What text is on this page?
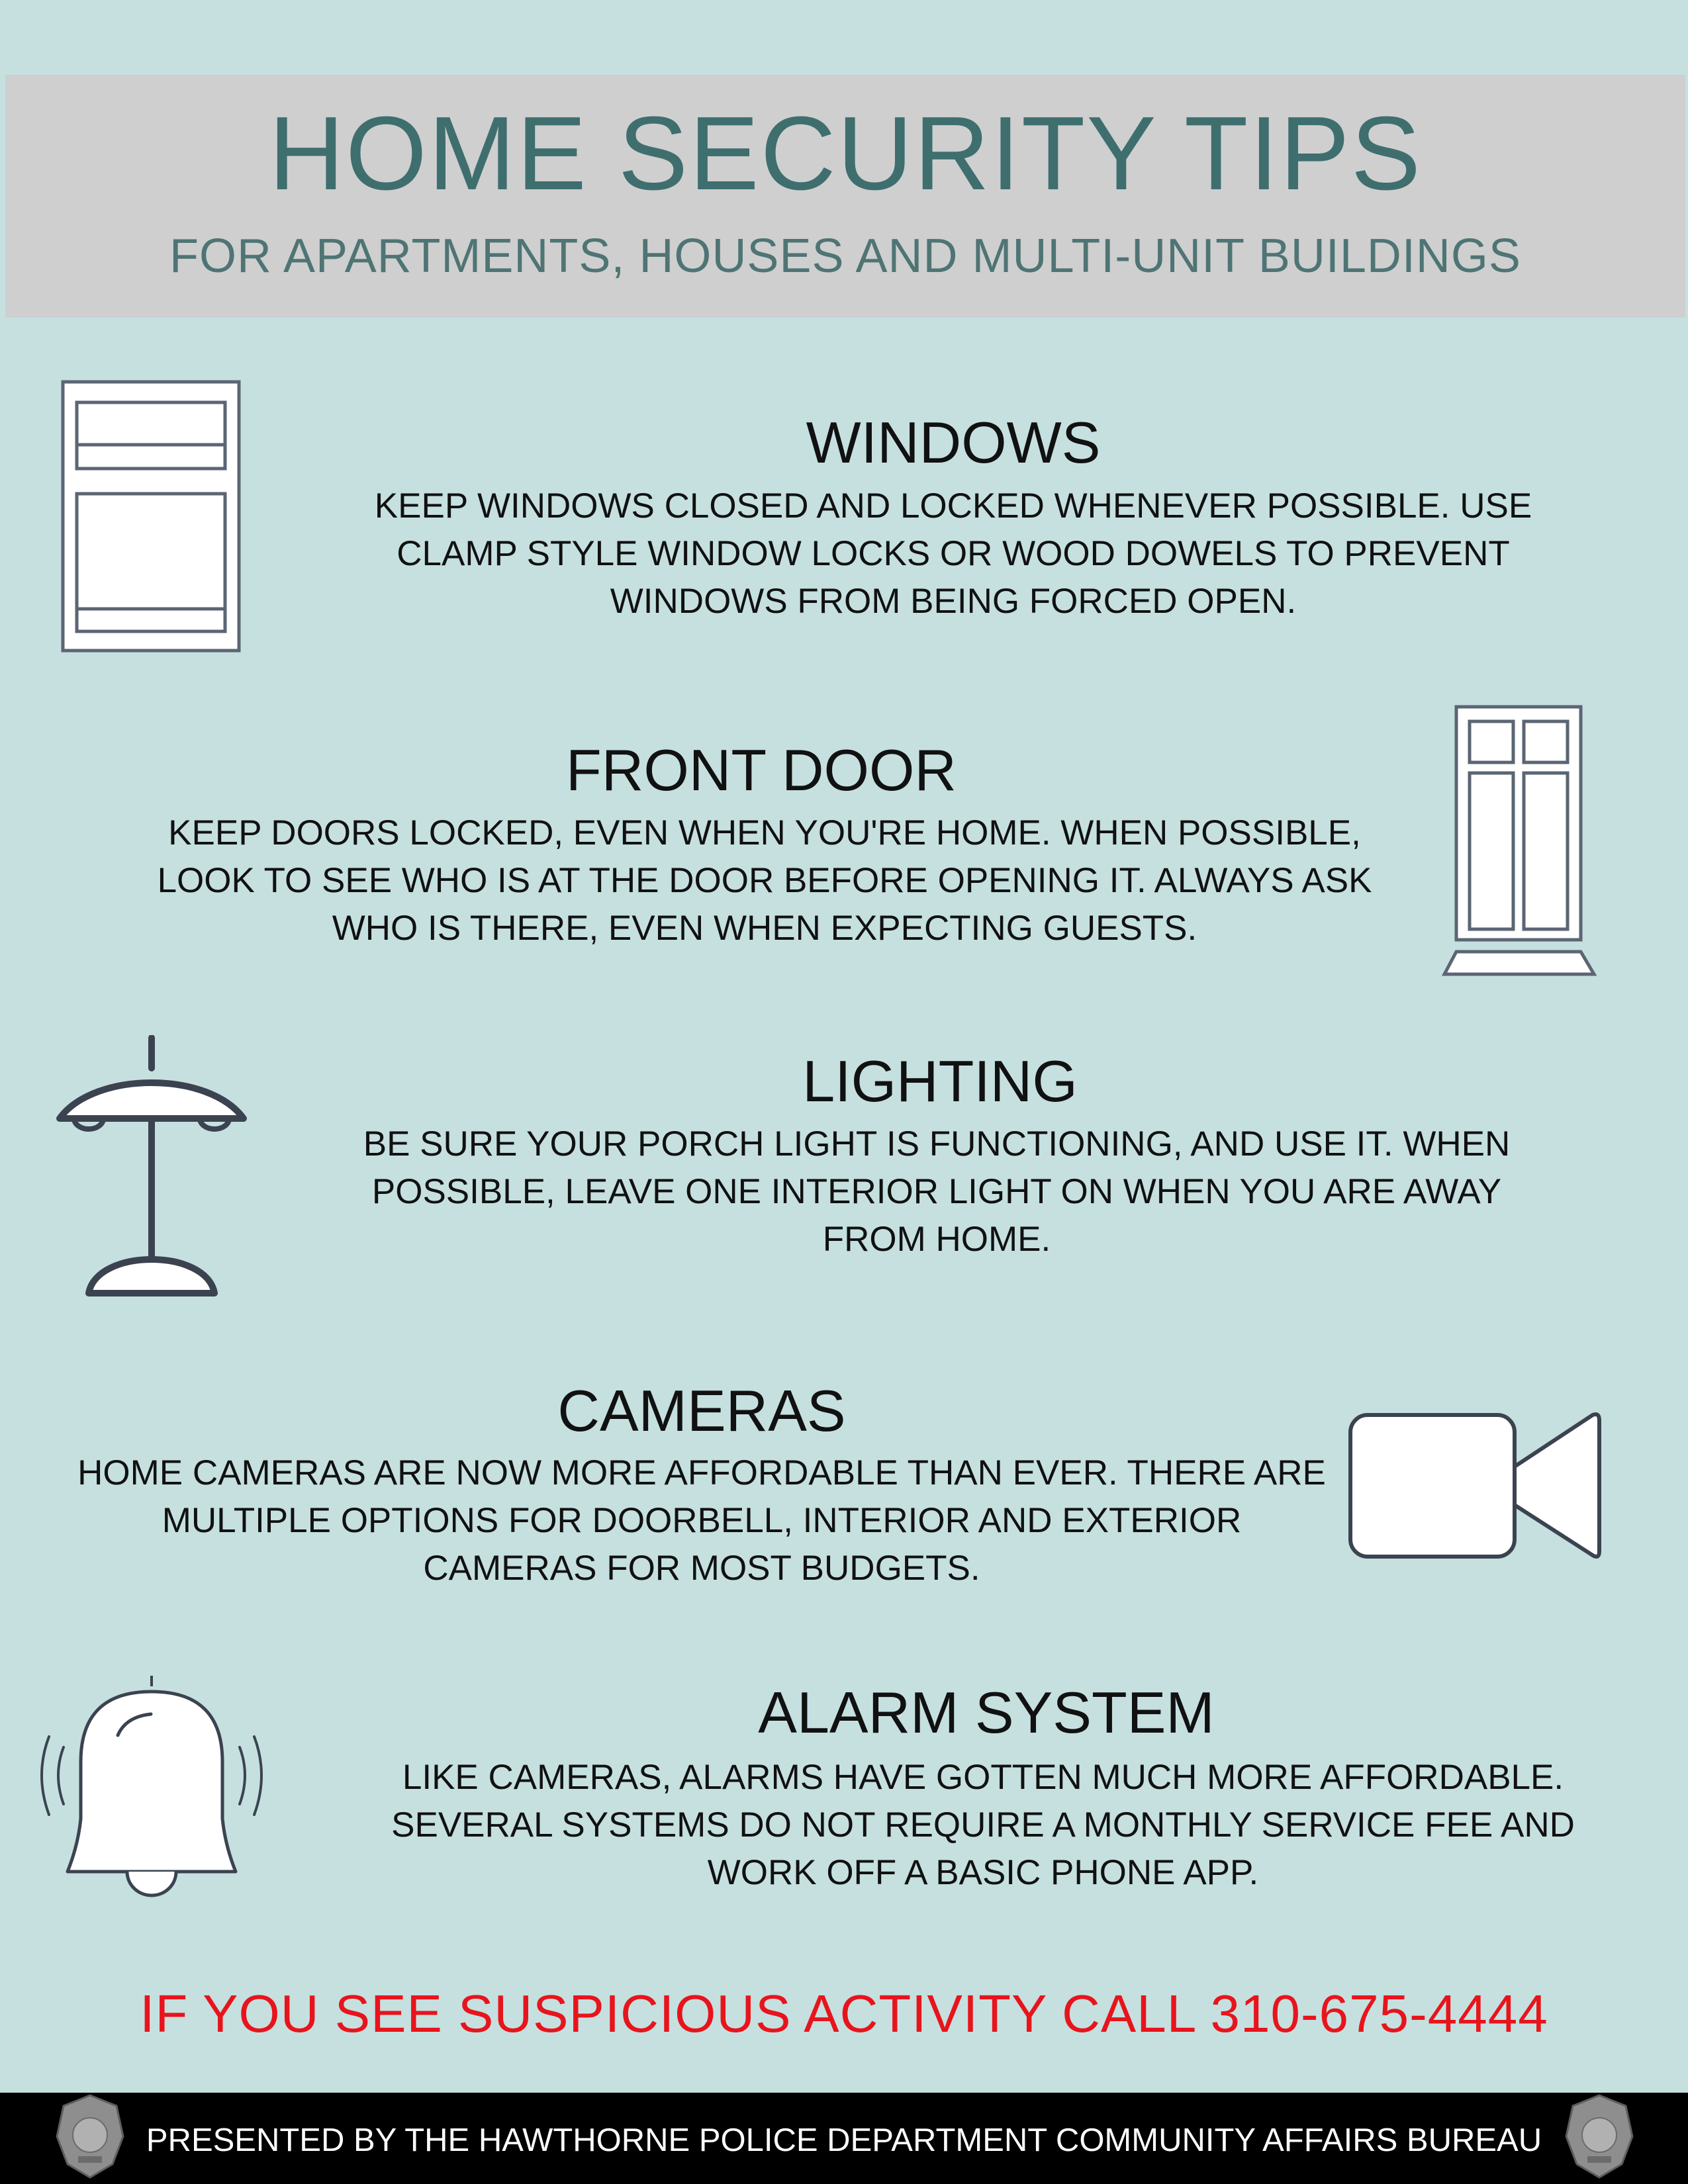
HOME SECURITY TIPS
FOR APARTMENTS, HOUSES AND MULTI-UNIT BUILDINGS
WINDOWS
KEEP WINDOWS CLOSED AND LOCKED WHENEVER POSSIBLE. USE
CLAMP STYLE WINDOW LOCKS OR WOOD DOWELS TO PREVENT
WINDOWS FROM BEING FORCED OPEN.
FRONT DOOR
KEEP DOORS LOCKED, EVEN WHEN YOU'RE HOME. WHEN POSSIBLE,
LOOK TO SEE WHO IS AT THE DOOR BEFORE OPENING IT. ALWAYS ASK
WHO IS THERE, EVEN WHEN EXPECTING GUESTS.
LIGHTING
BE SURE YOUR PORCH LIGHT IS FUNCTIONING, AND USE IT. WHEN
POSSIBLE, LEAVE ONE INTERIOR LIGHT ON WHEN YOU ARE AWAY
FROM HOME.
CAMERAS
HOME CAMERAS ARE NOW MORE AFFORDABLE THAN EVER. THERE ARE
MULTIPLE OPTIONS FOR DOORBELL, INTERIOR AND EXTERIOR
CAMERAS FOR MOST BUDGETS.
ALARM SYSTEM
LIKE CAMERAS, ALARMS HAVE GOTTEN MUCH MORE AFFORDABLE.
SEVERAL SYSTEMS DO NOT REQUIRE A MONTHLY SERVICE FEE AND
WORK OFF A BASIC PHONE APP.
IF YOU SEE SUSPICIOUS ACTIVITY CALL 310-675-4444
PRESENTED BY THE HAWTHORNE POLICE DEPARTMENT COMMUNITY AFFAIRS BUREAU
